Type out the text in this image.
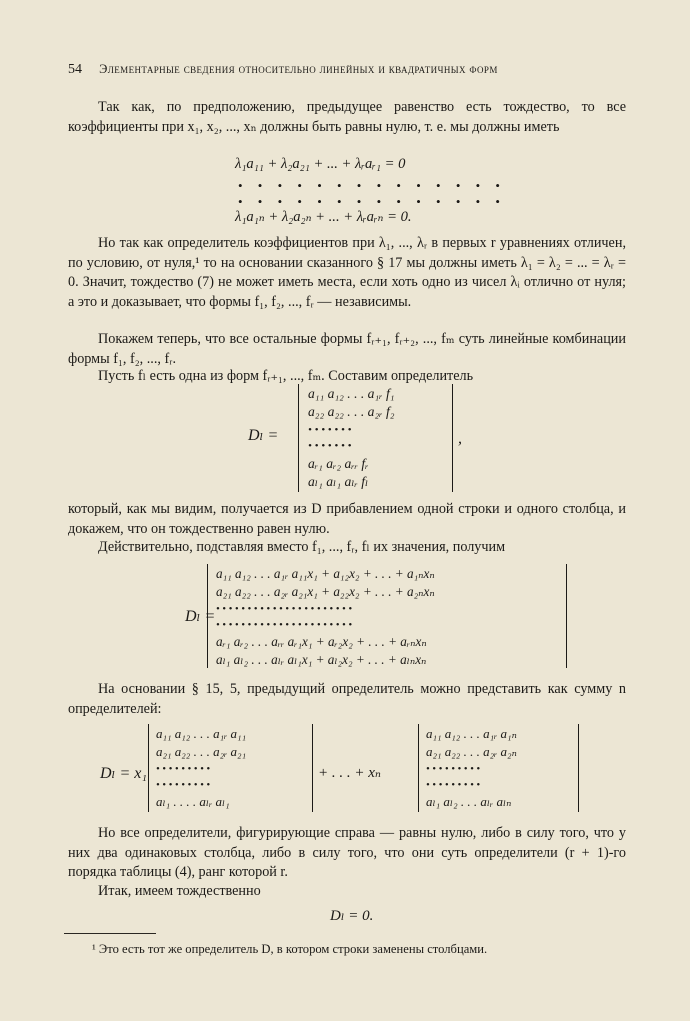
54 Элементарные сведения относительно линейных и квадратичных форм
Так как, по предположению, предыдущее равенство есть тождество, то все коэффициенты при x₁, x₂, ..., xₙ должны быть равны нулю, т. е. мы должны иметь
λ₁a₁₁ + λ₂a₂₁ + ... + λᵣaᵣ₁ = 0
• • • • • • • • • • • • • •
• • • • • • • • • • • • • •
λ₁a₁ₙ + λ₂a₂ₙ + ... + λᵣaᵣₙ = 0.
Но так как определитель коэффициентов при λ₁, ..., λᵣ в первых r уравнениях отличен, по условию, от нуля,¹ то на основании сказанного § 17 мы должны иметь λ₁ = λ₂ = ... = λᵣ = 0. Значит, тождество (7) не может иметь места, если хоть одно из чисел λᵢ отлично от нуля; а это и доказывает, что формы f₁, f₂, ..., fᵣ — независимы.
Покажем теперь, что все остальные формы fᵣ₊₁, fᵣ₊₂, ..., fₘ суть линейные комбинации формы f₁, f₂, ..., fᵣ.
Пусть fₗ есть одна из форм fᵣ₊₁, ..., fₘ. Составим определитель
Dₗ =
a₁₁ a₁₂ . . . a₁ᵣ f₁
a₂₂ a₂₂ . . . a₂ᵣ f₂
• • • • • • •
• • • • • • •
aᵣ₁ aᵣ₂ aᵣᵣ fᵣ
aₗ₁ aₗ₁ aₗᵣ fₗ
,
который, как мы видим, получается из D прибавлением одной строки и одного столбца, и докажем, что он тождественно равен нулю.
Действительно, подставляя вместо f₁, ..., fᵣ, fₗ их значения, получим
Dₗ =
a₁₁ a₁₂ . . . a₁ᵣ a₁₁x₁ + a₁₂x₂ + . . . + a₁ₙxₙ
a₂₁ a₂₂ . . . a₂ᵣ a₂₁x₁ + a₂₂x₂ + . . . + a₂ₙxₙ
• • • • • • • • • • • • • • • • • • • • • •
• • • • • • • • • • • • • • • • • • • • • •
aᵣ₁ aᵣ₂ . . . aᵣᵣ aᵣ₁x₁ + aᵣ₂x₂ + . . . + aᵣₙxₙ
aₗ₁ aₗ₂ . . . aₗᵣ aₗ₁x₁ + aₗ₂x₂ + . . . + aₗₙxₙ
На основании § 15, 5, предыдущий определитель можно представить как сумму n определителей:
Dₗ = x₁
a₁₁ a₁₂ . . . a₁ᵣ a₁₁
a₂₁ a₂₂ . . . a₂ᵣ a₂₁
• • • • • • • • •
• • • • • • • • •
aₗ₁ . . . . aₗᵣ aₗ₁
+ . . . + xₙ
a₁₁ a₁₂ . . . a₁ᵣ a₁ₙ
a₂₁ a₂₂ . . . a₂ᵣ a₂ₙ
• • • • • • • • •
• • • • • • • • •
aₗ₁ aₗ₂ . . . aₗᵣ aₗₙ
Но все определители, фигурирующие справа — равны нулю, либо в силу того, что у них два одинаковых столбца, либо в силу того, что они суть определители (r + 1)-го порядка таблицы (4), ранг которой r.
Итак, имеем тождественно
Dₗ = 0.
¹ Это есть тот же определитель D, в котором строки заменены столбцами.
